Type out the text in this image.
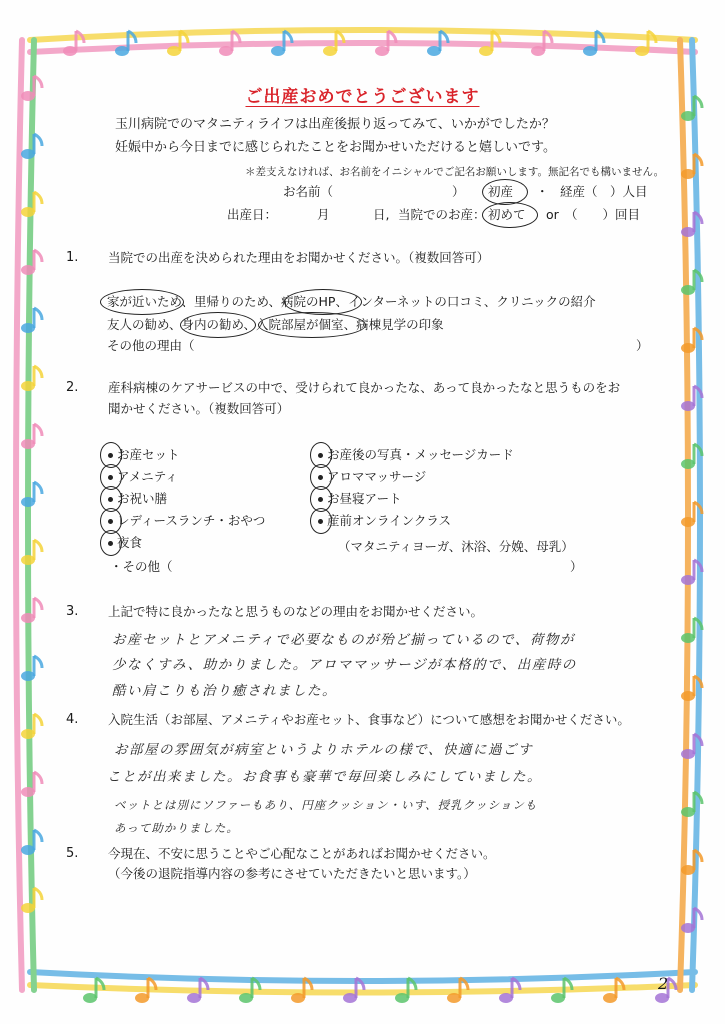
ご出産おめでとうございます
玉川病院でのマタニティライフは出産後振り返ってみて、いかがでしたか？
妊娠中から今日までに感じられたことをお聞かせいただけると嬉しいです。
＊差支えなければ、お名前をイニシャルでご記名お願いします。無記名でも構いません。
お名前（	） 初産 ・ 経産（　）人目
出産日：	月	日, 当院でのお産： 初めて or　（　　）回目
1.	当院での出産を決められた理由をお聞かせください。（複数回答可）
家が近いため、里帰りのため、病院のHP、インターネットの口コミ、クリニックの紹介
友人の勧め、身内の勧め、入院部屋が個室、病棟見学の印象
その他の理由（	）
2.	産科病棟のケアサービスの中で、受けられて良かったな、あって良かったなと思うものをお
聞かせください。（複数回答可）
お産セット
アメニティ
お祝い膳
レディースランチ・おやつ
夜食
お産後の写真・メッセージカード
アロママッサージ
お昼寝アート
産前オンラインクラス
（マタニティヨーガ、沐浴、分娩、母乳）
・その他（	）
3.	上記で特に良かったなと思うものなどの理由をお聞かせください。
お産セットとアメニティで必要なものが殆ど揃っているので、荷物が
少なくすみ、助かりました。アロママッサージが本格的で、出産時の
酷い肩こりも治り癒されました。
4.	入院生活（お部屋、アメニティやお産セット、食事など）について感想をお聞かせください。
お部屋の雰囲気が病室というよりホテルの様で、快適に過ごす
ことが出来ました。お食事も豪華で毎回楽しみにしていました。
ベットとは別にソファーもあり、円座クッション・いす、授乳クッションも
あって助かりました。
5.	今現在、不安に思うことやご心配なことがあればお聞かせください。
（今後の退院指導内容の参考にさせていただきたいと思います。）
2
